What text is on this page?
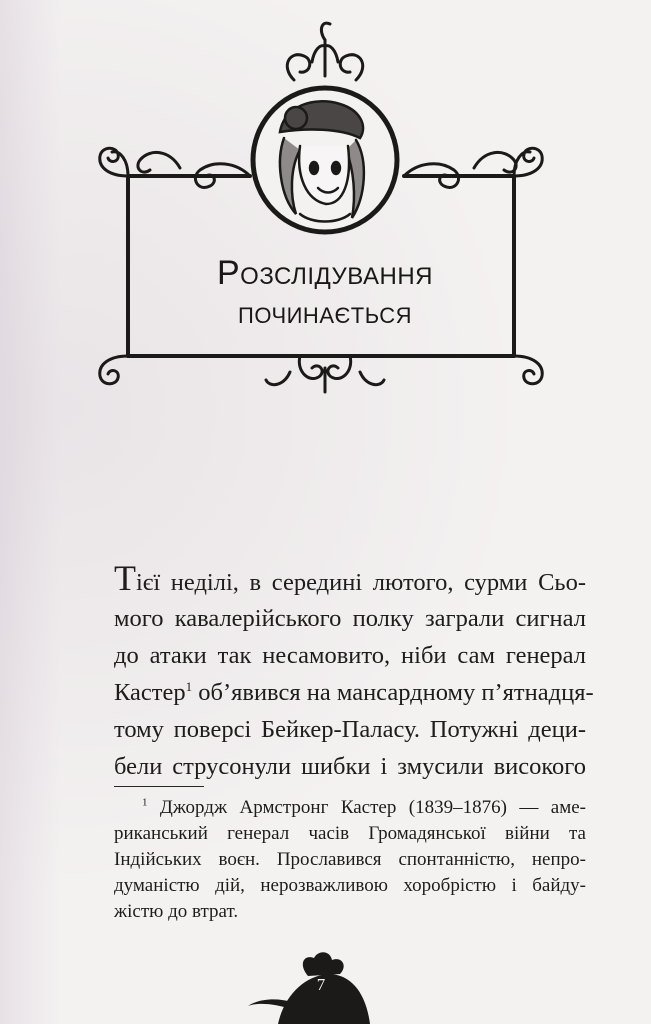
Розслідування
починається
Тієї неділі, в середині лютого, сурми Сьо-
мого кавалерійського полку заграли сигнал
до атаки так несамовито, ніби сам генерал
Кастер$^1$ об’явився на мансардному п’ятнадця-
тому поверсі Бейкер-Паласу. Потужні деци-
бели струсонули шибки і змусили високого
$^1$ Джордж Армстронг Кастер (1839–1876) — аме-
риканський генерал часів Громадянської війни та
Індійських воєн. Прославився спонтанністю, непро-
думаністю дій, нерозважливою хоробрістю і байду-
жістю до втрат.
7
